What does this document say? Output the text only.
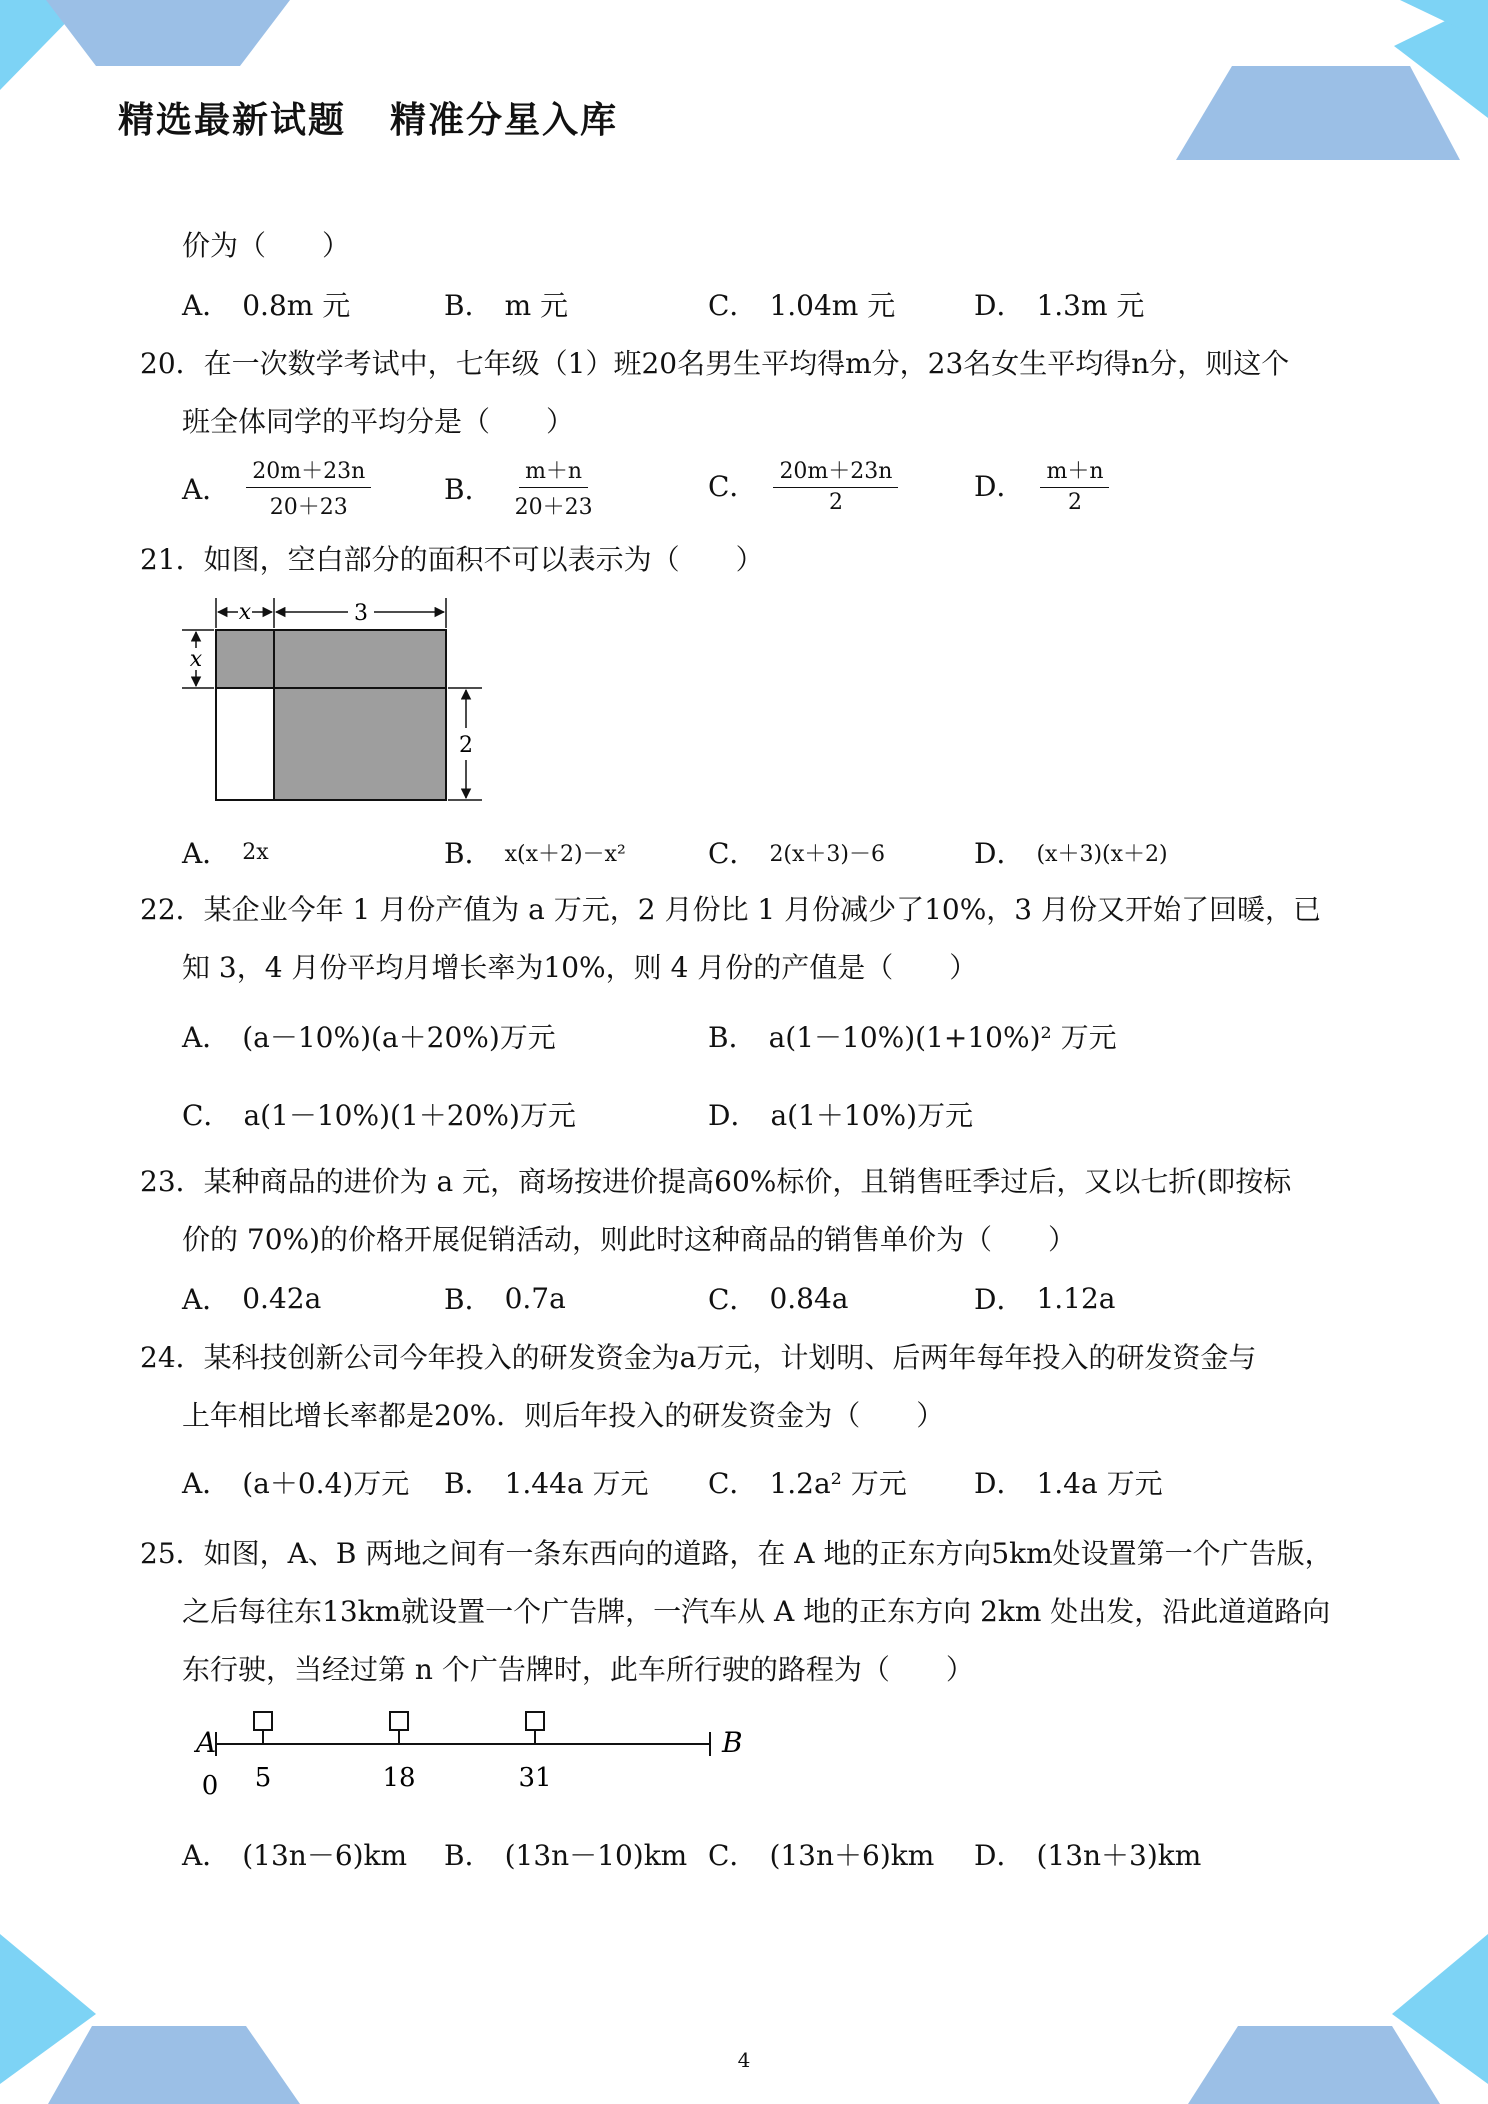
精选最新试题 精准分星入库
价为（　　）
A． 0.8m 元	B． m 元	C． 1.04m 元	D． 1.3m 元
20．在一次数学考试中，七年级（1）班20名男生平均得m分，23名女生平均得n分，则这个
班全体同学的平均分是（　　）
A． $\frac{20m+23n}{20+23}$	B． $\frac{m+n}{20+23}$	C． $\frac{20m+23n}{2}$	D． $\frac{m+n}{2}$
21．如图，空白部分的面积不可以表示为（　　）
x	3
x
2
A． 2x	B． x(x＋2)－x²	C． 2(x＋3)－6	D． (x＋3)(x＋2)
22．某企业今年 1 月份产值为 a 万元，2 月份比 1 月份减少了10%，3 月份又开始了回暖，已
知 3，4 月份平均月增长率为10%，则 4 月份的产值是（　　）
A． (a－10%)(a＋20%)万元	B． a(1－10%)(1+10%)² 万元
C． a(1－10%)(1＋20%)万元	D． a(1＋10%)万元
23．某种商品的进价为 a 元，商场按进价提高60%标价，且销售旺季过后，又以七折(即按标
价的 70%)的价格开展促销活动，则此时这种商品的销售单价为（　　）
A． 0.42a	B． 0.7a	C． 0.84a	D． 1.12a
24．某科技创新公司今年投入的研发资金为a万元，计划明、后两年每年投入的研发资金与
上年相比增长率都是20%．则后年投入的研发资金为（　　）
A． (a＋0.4)万元 B． 1.44a 万元 C． 1.2a² 万元 D． 1.4a 万元
25．如图，A、B 两地之间有一条东西向的道路，在 A 地的正东方向5km处设置第一个广告版，
之后每往东13km就设置一个广告牌，一汽车从 A 地的正东方向 2km 处出发，沿此道道路向
东行驶，当经过第 n 个广告牌时，此车所行驶的路程为（　　）
A	B
0 5	18	31
A． (13n－6)km B． (13n－10)km C． (13n＋6)km D． (13n＋3)km
4
